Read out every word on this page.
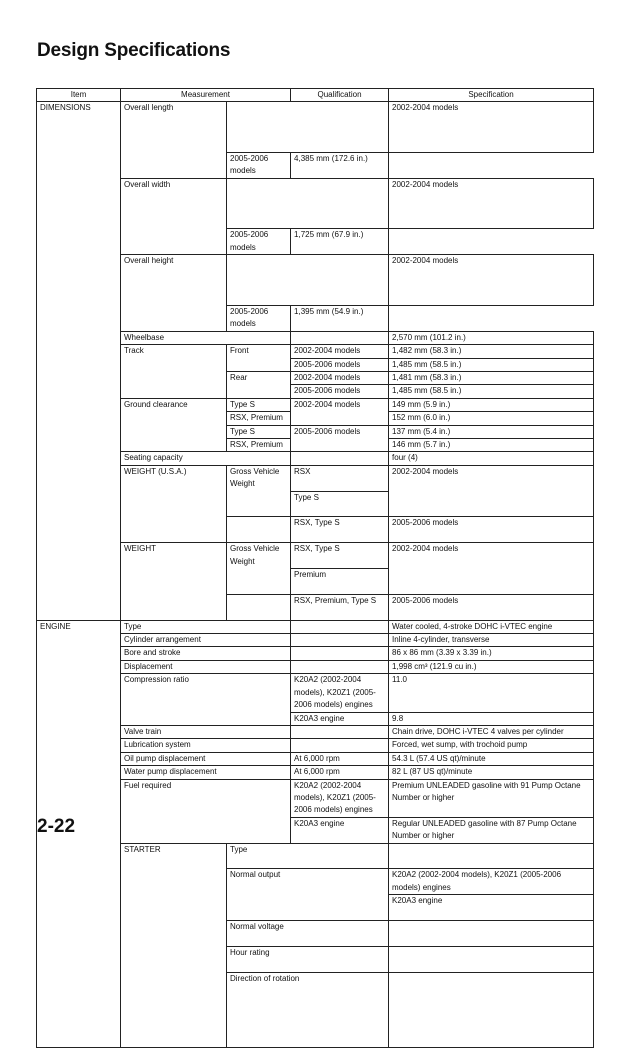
Design Specifications
Item	Measurement		Qualification	Specification	
DIMENSIONS	Overall length			2002-2004 models	
		2005-2006 models	4,385 mm (172.6 in.)		
	Overall width			2002-2004 models	
		2005-2006 models	1,725 mm (67.9 in.)		
	Overall height			2002-2004 models	
		2005-2006 models	1,395 mm (54.9 in.)		
	Wheelbase			2,570 mm (101.2 in.)	
	Track	Front	2002-2004 models	1,482 mm (58.3 in.)	
			2005-2006 models	1,485 mm (58.5 in.)	
		Rear	2002-2004 models	1,481 mm (58.3 in.)	
			2005-2006 models	1,485 mm (58.5 in.)	
	Ground clearance	Type S	2002-2004 models	149 mm (5.9 in.)	
		RSX, Premium		152 mm (6.0 in.)	
		Type S	2005-2006 models	137 mm (5.4 in.)	
		RSX, Premium		146 mm (5.7 in.)	
	Seating capacity			four (4)	
	WEIGHT (U.S.A.)	Gross Vehicle Weight	RSX	2002-2004 models	
			Type S	
			RSX, Type S	2005-2006 models	
	WEIGHT	Gross Vehicle Weight	RSX, Type S	2002-2004 models	
			Premium	
			RSX, Premium, Type S	2005-2006 models	
ENGINE	Type			Water cooled, 4-stroke DOHC i-VTEC engine	
	Cylinder arrangement			Inline 4-cylinder, transverse	
	Bore and stroke			86 x 86 mm (3.39 x 3.39 in.)	
	Displacement			1,998 cm³ (121.9 cu in.)	
	Compression ratio		K20A2 (2002-2004 models), K20Z1 (2005-2006 models) engines	11.0	
			K20A3 engine	9.8	
	Valve train			Chain drive, DOHC i-VTEC 4 valves per cylinder	
	Lubrication system			Forced, wet sump, with trochoid pump	
	Oil pump displacement		At 6,000 rpm	54.3 L (57.4 US qt)/minute	
	Water pump displacement		At 6,000 rpm	82 L (87 US qt)/minute	
	Fuel required		K20A2 (2002-2004 models), K20Z1 (2005-2006 models) engines	Premium UNLEADED gasoline with 91 Pump Octane Number or higher	
			K20A3 engine	Regular UNLEADED gasoline with 87 Pump Octane Number or higher	
	STARTER	Type		
		Normal output		K20A2 (2002-2004 models), K20Z1 (2005-2006 models) engines	
				K20A3 engine	
		Normal voltage		
		Hour rating		
		Direction of rotation		
2-22
